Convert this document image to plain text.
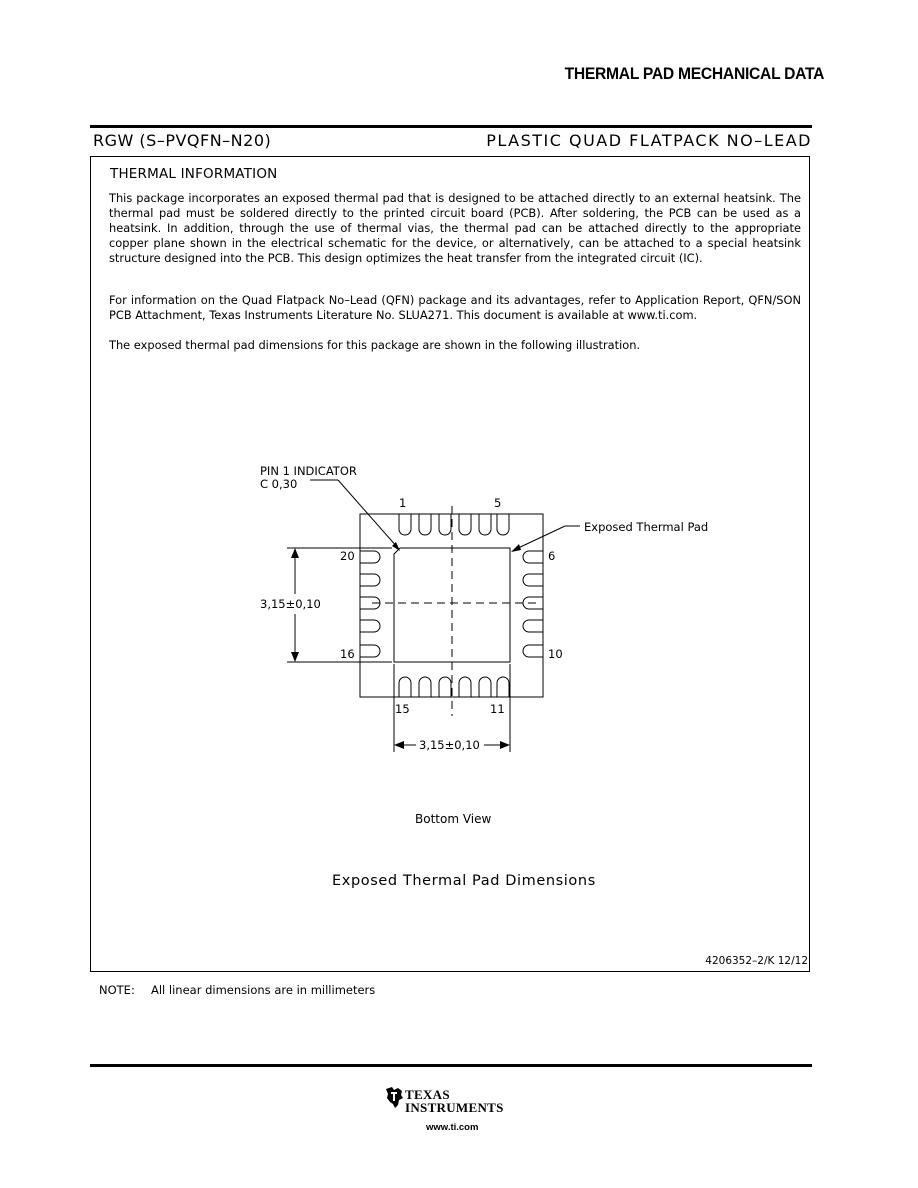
THERMAL PAD MECHANICAL DATA
RGW (S–PVQFN–N20)	PLASTIC QUAD FLATPACK NO–LEAD
THERMAL INFORMATION
This package incorporates an exposed thermal pad that is designed to be attached directly to an external heatsink. The thermal pad must be soldered directly to the printed circuit board (PCB). After soldering, the PCB can be used as a heatsink. In addition, through the use of thermal vias, the thermal pad can be attached directly to the appropriate copper plane shown in the electrical schematic for the device, or alternatively, can be attached to a special heatsink structure designed into the PCB. This design optimizes the heat transfer from the integrated circuit (IC).
For information on the Quad Flatpack No–Lead (QFN) package and its advantages, refer to Application Report, QFN/SON PCB Attachment, Texas Instruments Literature No. SLUA271. This document is available at www.ti.com.
The exposed thermal pad dimensions for this package are shown in the following illustration.
PIN 1 INDICATOR
C 0,30
Exposed Thermal Pad
1	5
6
10
11
15
16
20
3,15±0,10
3,15±0,10
Bottom View
Exposed Thermal Pad Dimensions
4206352–2/K 12/12
NOTE: All linear dimensions are in millimeters
TEXAS
INSTRUMENTS
www.ti.com
